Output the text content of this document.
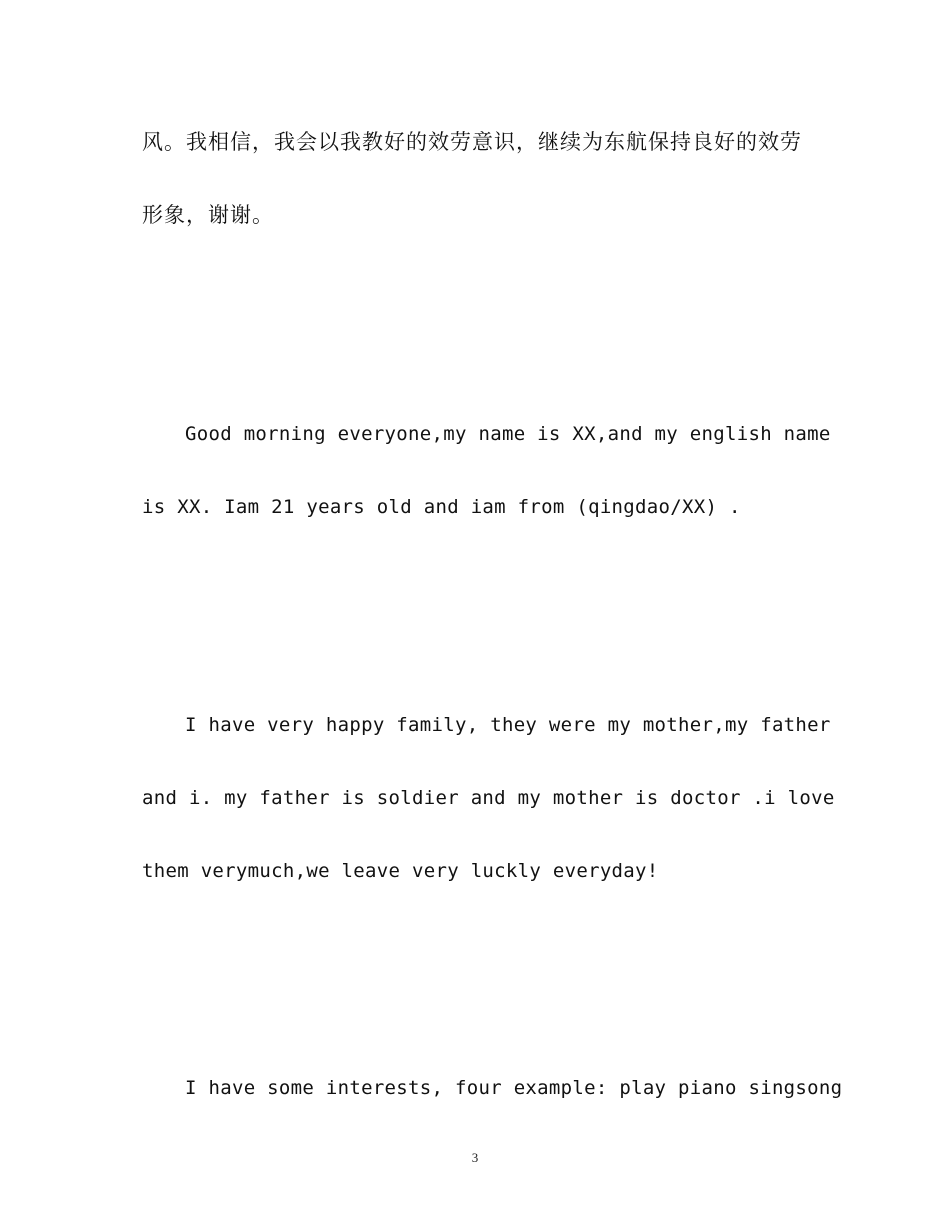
风。我相信，我会以我教好的效劳意识，继续为东航保持良好的效劳
形象，谢谢。
Good morning everyone,my name is XX,and my english name
is XX. Iam 21 years old and iam from (qingdao/XX) .
I have very happy family, they were my mother,my father
and i. my father is soldier and my mother is doctor .i love
them verymuch,we leave very luckly everyday!
I have some interests, four example: play piano singsong
3
